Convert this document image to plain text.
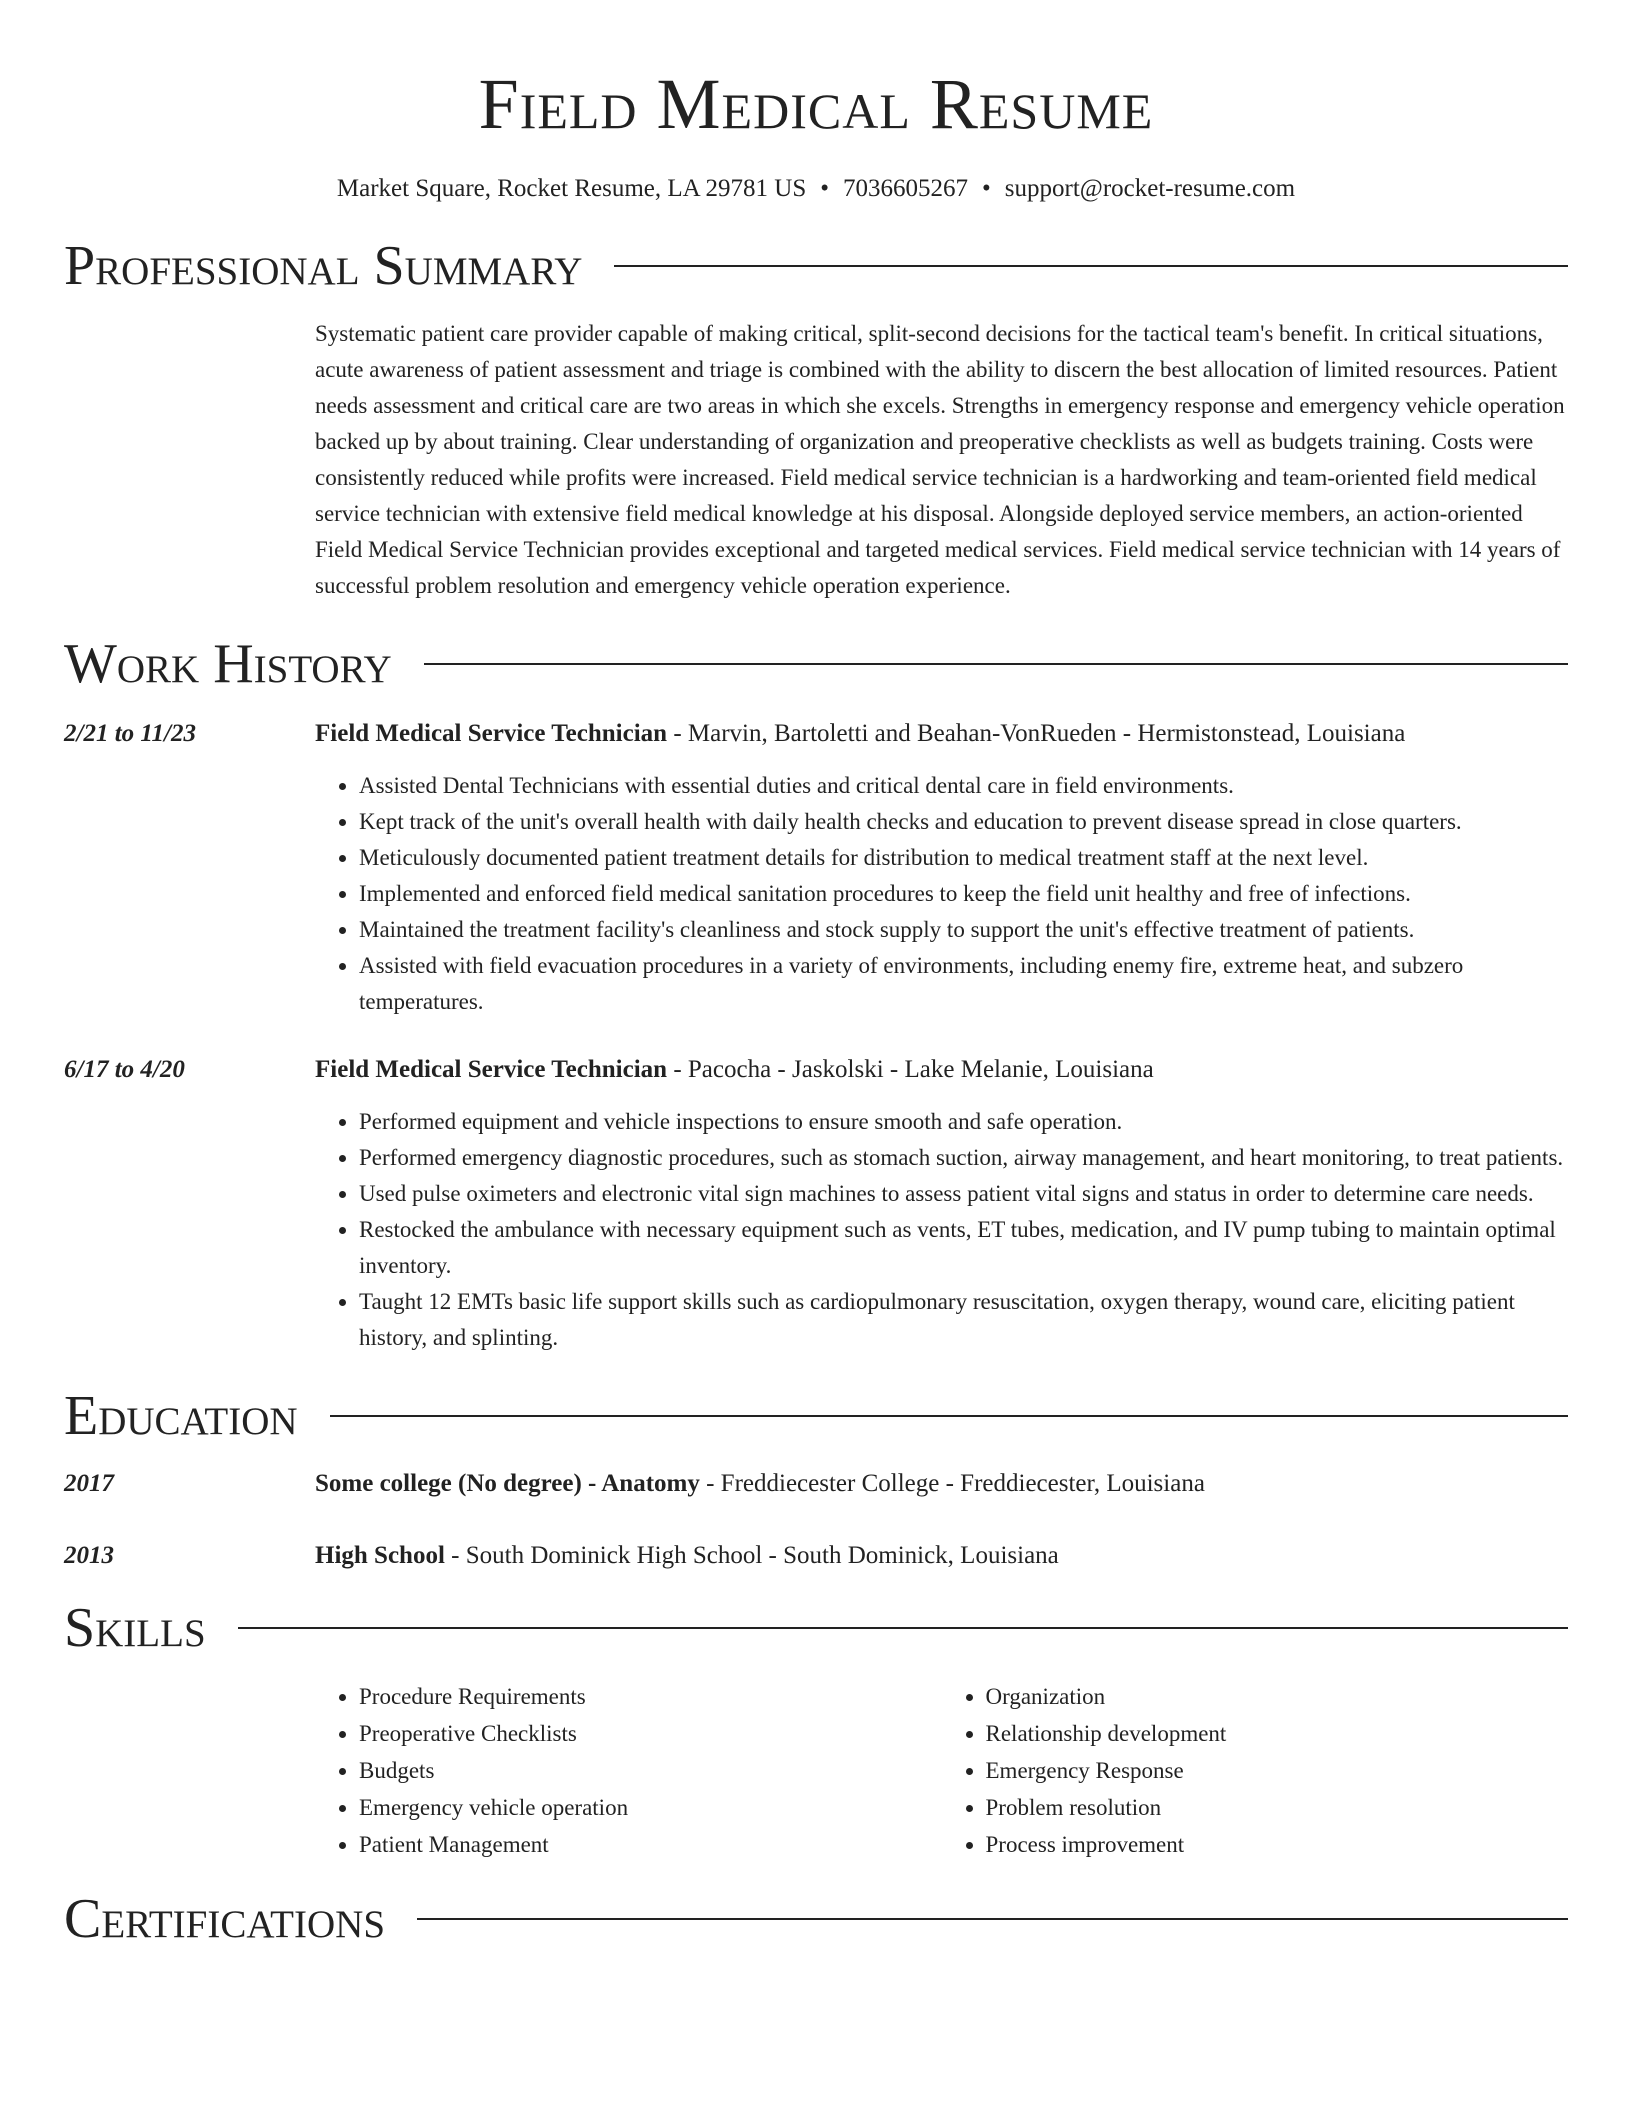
Field Medical Resume
Market Square, Rocket Resume, LA 29781 US • 7036605267 • support@rocket-resume.com
Professional Summary
Systematic patient care provider capable of making critical, split-second decisions for the tactical team's benefit. In critical situations, acute awareness of patient assessment and triage is combined with the ability to discern the best allocation of limited resources. Patient needs assessment and critical care are two areas in which she excels. Strengths in emergency response and emergency vehicle operation backed up by about training. Clear understanding of organization and preoperative checklists as well as budgets training. Costs were consistently reduced while profits were increased. Field medical service technician is a hardworking and team-oriented field medical service technician with extensive field medical knowledge at his disposal. Alongside deployed service members, an action-oriented Field Medical Service Technician provides exceptional and targeted medical services. Field medical service technician with 14 years of successful problem resolution and emergency vehicle operation experience.
Work History
2/21 to 11/23	Field Medical Service Technician - Marvin, Bartoletti and Beahan-VonRueden - Hermistonstead, Louisiana
• Assisted Dental Technicians with essential duties and critical dental care in field environments.
• Kept track of the unit's overall health with daily health checks and education to prevent disease spread in close quarters.
• Meticulously documented patient treatment details for distribution to medical treatment staff at the next level.
• Implemented and enforced field medical sanitation procedures to keep the field unit healthy and free of infections.
• Maintained the treatment facility's cleanliness and stock supply to support the unit's effective treatment of patients.
• Assisted with field evacuation procedures in a variety of environments, including enemy fire, extreme heat, and subzero temperatures.
6/17 to 4/20	Field Medical Service Technician - Pacocha - Jaskolski - Lake Melanie, Louisiana
• Performed equipment and vehicle inspections to ensure smooth and safe operation.
• Performed emergency diagnostic procedures, such as stomach suction, airway management, and heart monitoring, to treat patients.
• Used pulse oximeters and electronic vital sign machines to assess patient vital signs and status in order to determine care needs.
• Restocked the ambulance with necessary equipment such as vents, ET tubes, medication, and IV pump tubing to maintain optimal inventory.
• Taught 12 EMTs basic life support skills such as cardiopulmonary resuscitation, oxygen therapy, wound care, eliciting patient history, and splinting.
Education
2017	Some college (No degree) - Anatomy - Freddiecester College - Freddiecester, Louisiana
2013	High School - South Dominick High School - South Dominick, Louisiana
Skills
• Procedure Requirements
• Preoperative Checklists
• Budgets
• Emergency vehicle operation
• Patient Management
• Organization
• Relationship development
• Emergency Response
• Problem resolution
• Process improvement
Certifications
